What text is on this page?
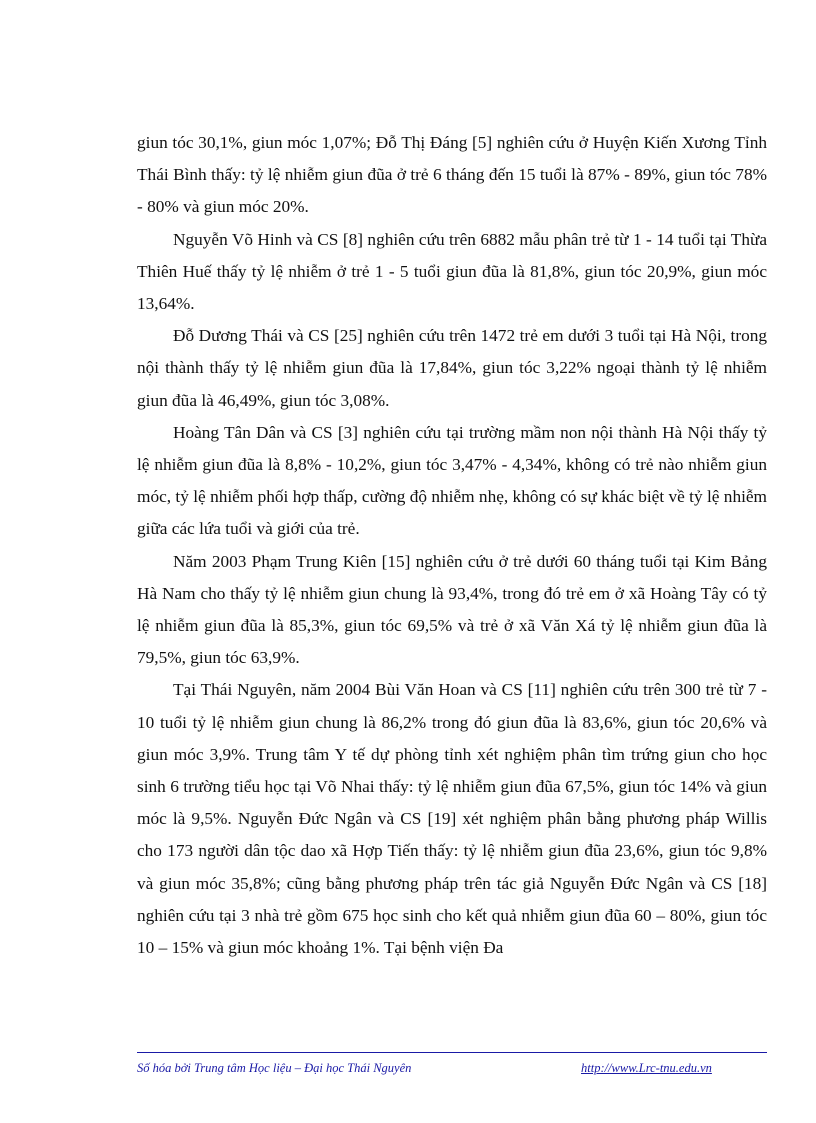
giun tóc 30,1%, giun móc 1,07%; Đỗ Thị Đáng [5] nghiên cứu ở Huyện Kiến Xương Tỉnh Thái Bình thấy: tỷ lệ nhiễm giun đũa ở trẻ 6 tháng đến 15 tuổi là 87% - 89%, giun tóc 78% - 80% và giun móc 20%.

Nguyễn Võ Hinh và CS [8] nghiên cứu trên 6882 mẫu phân trẻ từ 1 - 14 tuổi tại Thừa Thiên Huế thấy tỷ lệ nhiễm ở trẻ 1 - 5 tuổi giun đũa là 81,8%, giun tóc 20,9%, giun móc 13,64%.

Đỗ Dương Thái và CS [25] nghiên cứu trên 1472 trẻ em dưới 3 tuổi tại Hà Nội, trong nội thành thấy tỷ lệ nhiễm giun đũa là 17,84%, giun tóc 3,22% ngoại thành tỷ lệ nhiễm giun đũa là 46,49%, giun tóc 3,08%.

Hoàng Tân Dân và CS [3] nghiên cứu tại trường mầm non nội thành Hà Nội thấy tỷ lệ nhiễm giun đũa là 8,8% - 10,2%, giun tóc 3,47% - 4,34%, không có trẻ nào nhiễm giun móc, tỷ lệ nhiễm phối hợp thấp, cường độ nhiễm nhẹ, không có sự khác biệt về tỷ lệ nhiễm giữa các lứa tuổi và giới của trẻ.

Năm 2003 Phạm Trung Kiên [15] nghiên cứu ở trẻ dưới 60 tháng tuổi tại Kim Bảng Hà Nam cho thấy tỷ lệ nhiễm giun chung là 93,4%, trong đó trẻ em ở xã Hoàng Tây có tỷ lệ nhiễm giun đũa là 85,3%, giun tóc 69,5% và trẻ ở xã Văn Xá tỷ lệ nhiễm giun đũa là 79,5%, giun tóc 63,9%.

Tại Thái Nguyên, năm 2004 Bùi Văn Hoan và CS [11] nghiên cứu trên 300 trẻ từ 7 - 10 tuổi tỷ lệ nhiễm giun chung là 86,2% trong đó giun đũa là 83,6%, giun tóc 20,6% và giun móc 3,9%. Trung tâm Y tế dự phòng tỉnh xét nghiệm phân tìm trứng giun cho học sinh 6 trường tiểu học tại Võ Nhai thấy: tỷ lệ nhiễm giun đũa 67,5%, giun tóc 14% và giun móc là 9,5%. Nguyễn Đức Ngân và CS [19] xét nghiệm phân bằng phương pháp Willis cho 173 người dân tộc dao xã Hợp Tiến thấy: tỷ lệ nhiễm giun đũa 23,6%, giun tóc 9,8% và giun móc 35,8%; cũng bằng phương pháp trên tác giả Nguyễn Đức Ngân và CS [18] nghiên cứu tại 3 nhà trẻ gồm 675 học sinh cho kết quả nhiễm giun đũa 60 – 80%, giun tóc 10 – 15% và giun móc khoảng 1%. Tại bệnh viện Đa

Số hóa bởi Trung tâm Học liệu – Đại học Thái Nguyên	http://www.Lrc-tnu.edu.vn
